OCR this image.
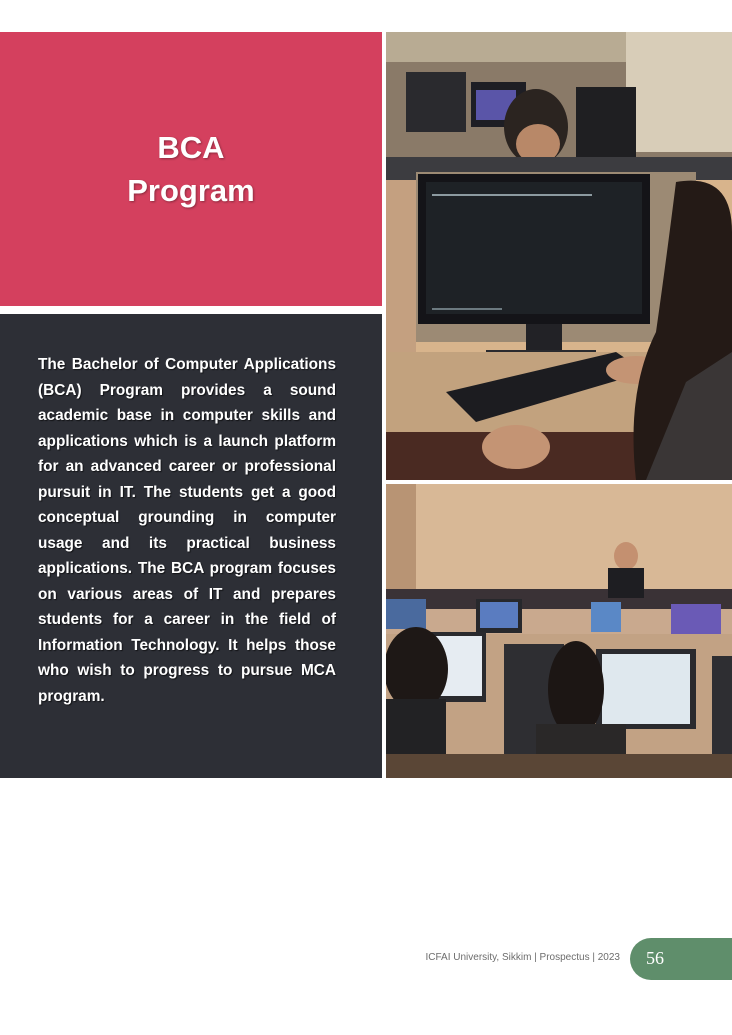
BCA
Program
The Bachelor of Computer Applications (BCA) Program provides a sound academic base in computer skills and applications which is a launch platform for an advanced career or professional pursuit in IT. The students get a good conceptual grounding in computer usage and its practical business applications. The BCA program focuses on various areas of IT and prepares students for a career in the field of Information Technology. It helps those who wish to progress to pursue MCA program.
ICFAI University, Sikkim | Prospectus | 2023 56
